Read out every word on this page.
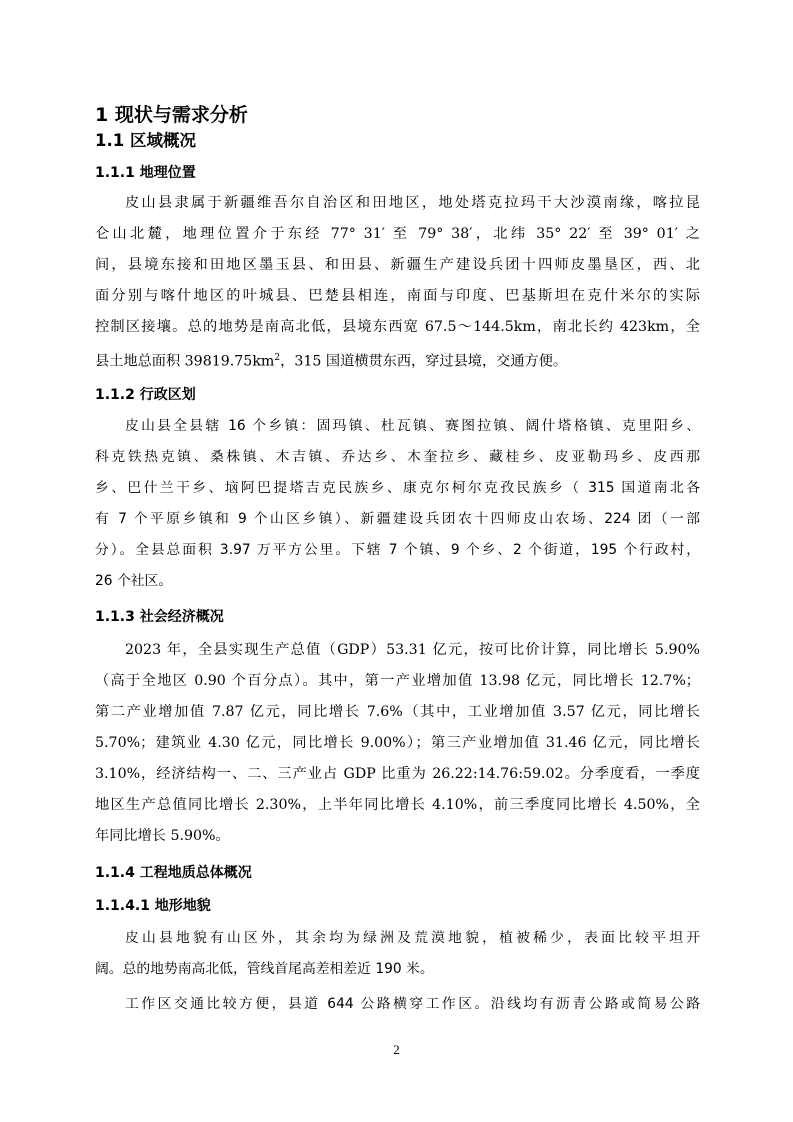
1 现状与需求分析
1.1 区域概况
1.1.1 地理位置
皮山县隶属于新疆维吾尔自治区和田地区，地处塔克拉玛干大沙漠南缘，喀拉昆
仑山北麓，地理位置介于东经 77° 31′ 至 79° 38′，北纬 35° 22′ 至 39° 01′ 之
间，县境东接和田地区墨玉县、和田县、新疆生产建设兵团十四师皮墨垦区，西、北
面分别与喀什地区的叶城县、巴楚县相连，南面与印度、巴基斯坦在克什米尔的实际
控制区接壤。总的地势是南高北低，县境东西宽 67.5～144.5km，南北长约 423km，全
县土地总面积 $39819.75km^2$，315 国道横贯东西，穿过县境，交通方便。
1.1.2 行政区划
皮山县全县辖 16 个乡镇：固玛镇、杜瓦镇、赛图拉镇、阔什塔格镇、克里阳乡、
科克铁热克镇、桑株镇、木吉镇、乔达乡、木奎拉乡、藏桂乡、皮亚勒玛乡、皮西那
乡、巴什兰干乡、垴阿巴提塔吉克民族乡、康克尔柯尔克孜民族乡（ 315 国道南北各
有 7 个平原乡镇和 9 个山区乡镇）、新疆建设兵团农十四师皮山农场、224 团（一部
分）。全县总面积 3.97 万平方公里。下辖 7 个镇、9 个乡、2 个街道，195 个行政村，
26 个社区。
1.1.3 社会经济概况
2023 年，全县实现生产总值（GDP）53.31 亿元，按可比价计算，同比增长 5.90%
（高于全地区 0.90 个百分点）。其中，第一产业增加值 13.98 亿元，同比增长 12.7%；
第二产业增加值 7.87 亿元，同比增长 7.6%（其中，工业增加值 3.57 亿元，同比增长
5.70%；建筑业 4.30 亿元，同比增长 9.00%）；第三产业增加值 31.46 亿元，同比增长
3.10%，经济结构一、二、三产业占 GDP 比重为 26.22:14.76:59.02。分季度看，一季度
地区生产总值同比增长 2.30%，上半年同比增长 4.10%，前三季度同比增长 4.50%，全
年同比增长 5.90%。
1.1.4 工程地质总体概况
1.1.4.1 地形地貌
皮山县地貌有山区外，其余均为绿洲及荒漠地貌，植被稀少，表面比较平坦开
阔。总的地势南高北低，管线首尾高差相差近 190 米。
工作区交通比较方便，县道 644 公路横穿工作区。沿线均有沥青公路或简易公路
2
